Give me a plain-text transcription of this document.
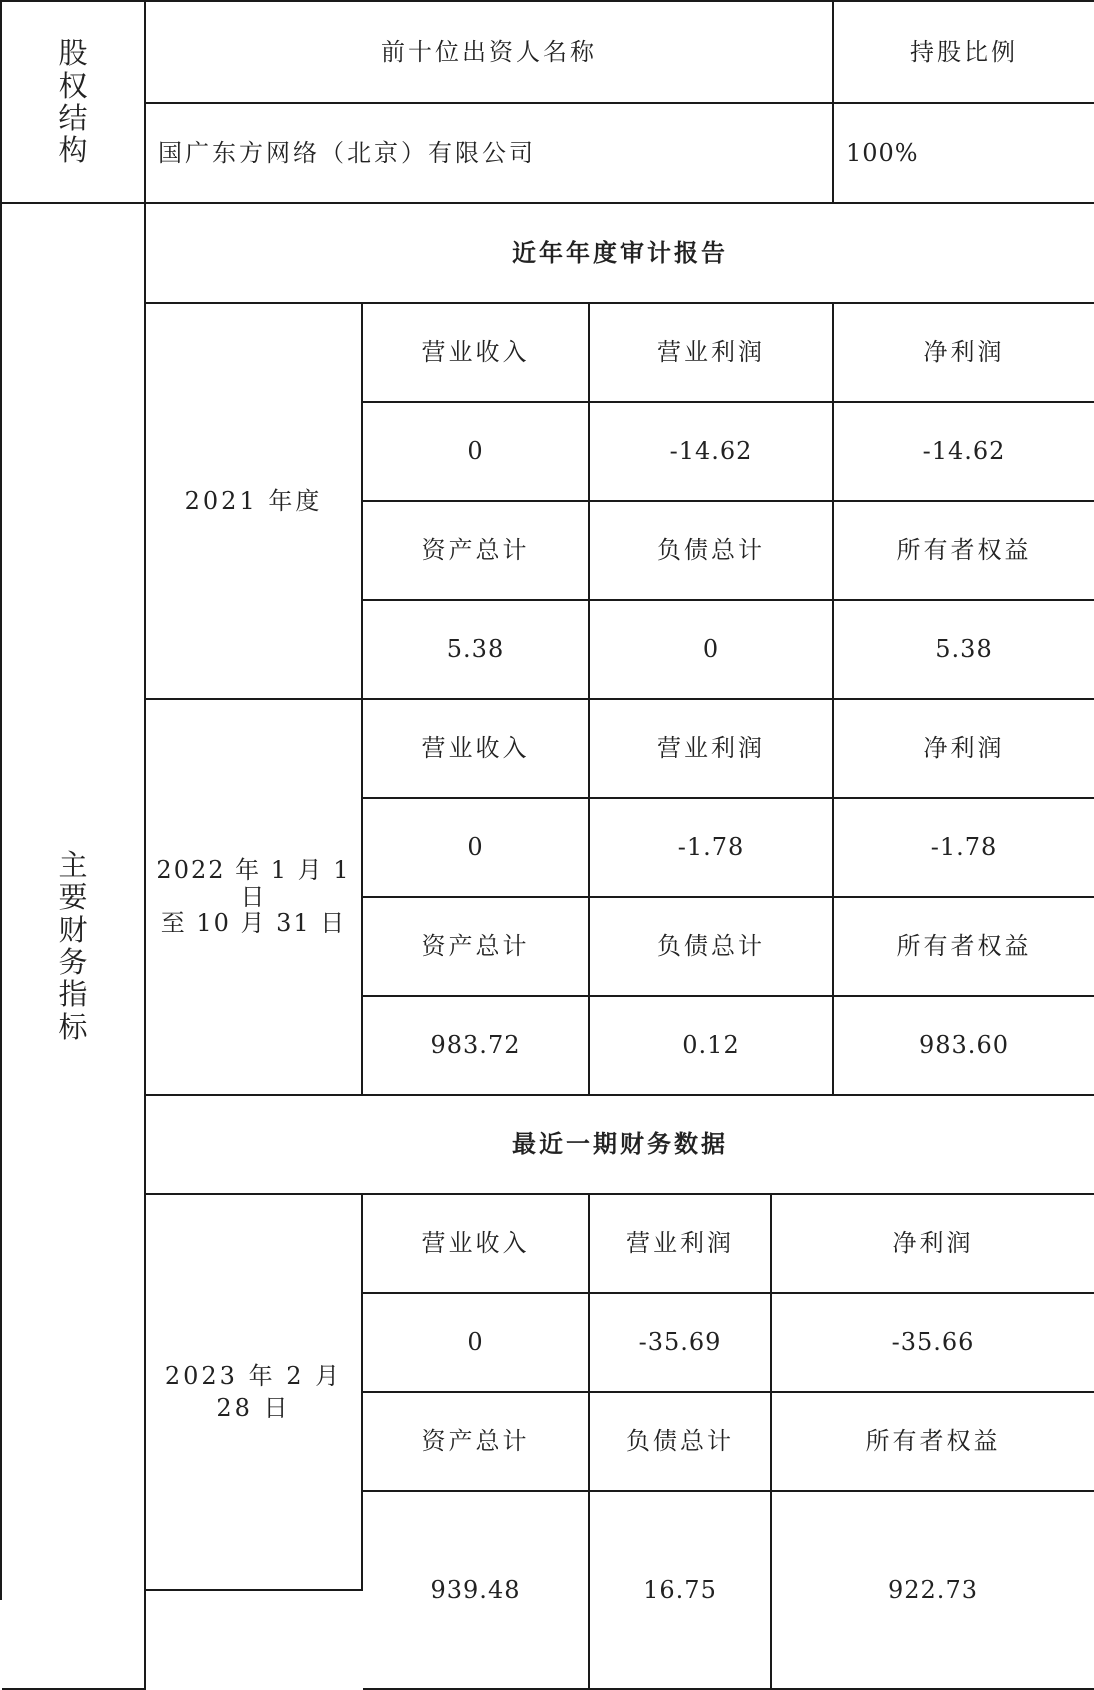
股
权
结
构
前十位出资人名称	持股比例
国广东方网络（北京）有限公司	100%
主
要
财
务
指
标
近年年度审计报告
2021 年度
营业收入	营业利润	净利润
0	-14.62	-14.62
资产总计	负债总计	所有者权益
5.38	0	5.38
2022 年 1 月 1 日
至 10 月 31 日
营业收入	营业利润	净利润
0	-1.78	-1.78
资产总计	负债总计	所有者权益
983.72	0.12	983.60
最近一期财务数据
2023 年 2 月 28 日
营业收入	营业利润	净利润
0	-35.69	-35.66
资产总计	负债总计	所有者权益
939.48	16.75	922.73
